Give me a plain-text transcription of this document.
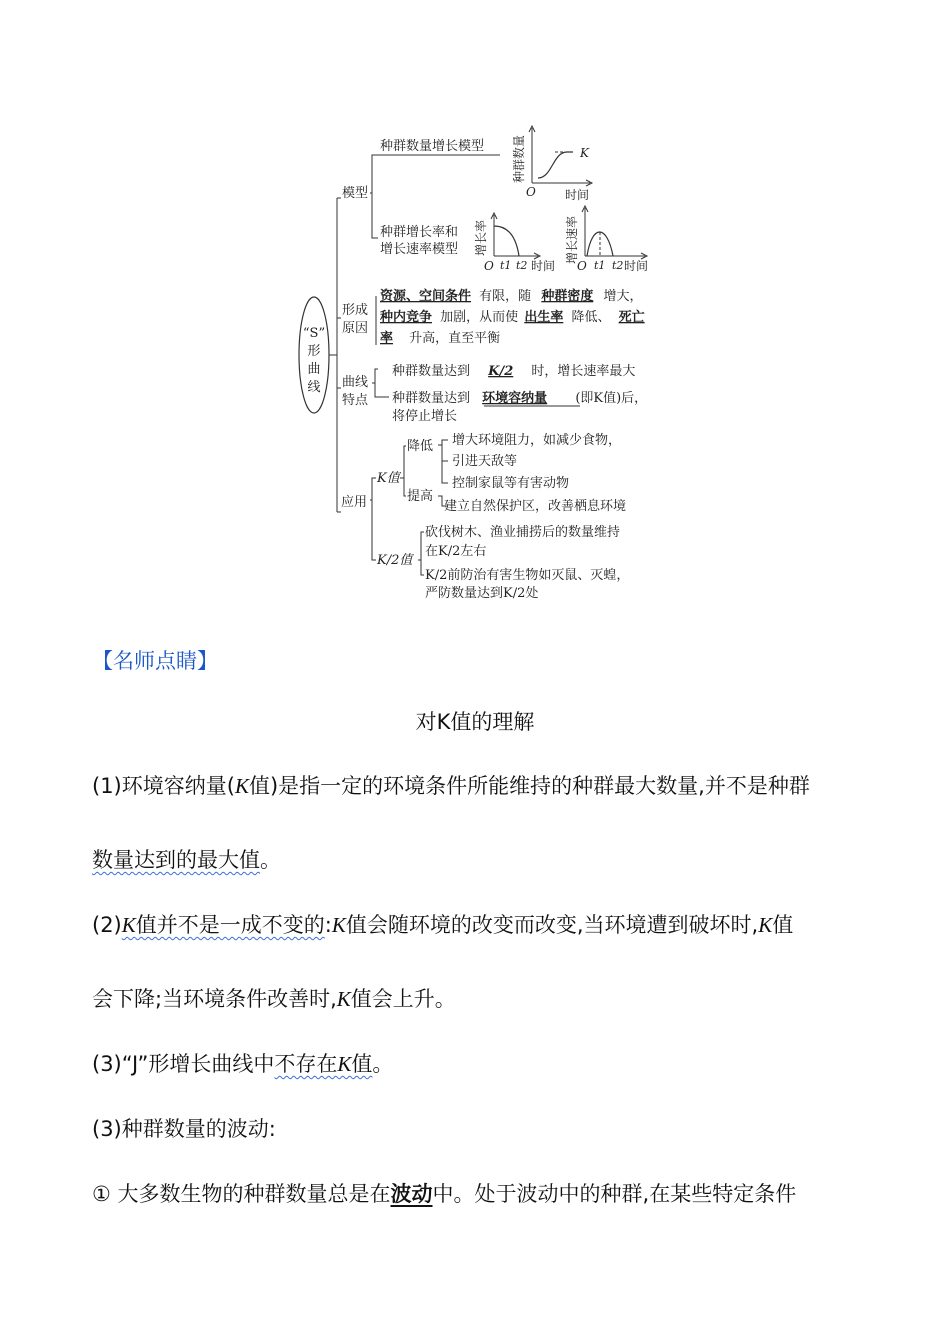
“S”
形
曲
线
模型
种群数量增长模型 种群数量	K
O 时间
种群增长率和
增长速率模型 增长率
O t1 t2 时间
增长速率
O t1 t2 时间
形成
原因
资源、空间条件 有限，随 种群密度 增大，
种内竞争 加剧，从而使 出生率 降低、 死亡
率 升高，直至平衡
曲线
特点
种群数量达到 K/2 时，增长速率最大
种群数量达到 环境容纳量 (即K值)后，
将停止增长
应用
K值
降低
提高
增大环境阻力，如减少食物，
引进天敌等
控制家鼠等有害动物
建立自然保护区，改善栖息环境
K/2值
砍伐树木、渔业捕捞后的数量维持
在K/2左右
K/2前防治有害生物如灭鼠、灭蝗，
严防数量达到K/2处
【名师点睛】
对K值的理解
(1)环境容纳量(K值)是指一定的环境条件所能维持的种群最大数量,并不是种群
数量达到的最大值。
(2)K值并不是一成不变的:K值会随环境的改变而改变,当环境遭到破坏时,K值
会下降;当环境条件改善时,K值会上升。
(3)“J”形增长曲线中不存在K值。
(3)种群数量的波动:
① 大多数生物的种群数量总是在波动中。处于波动中的种群,在某些特定条件
